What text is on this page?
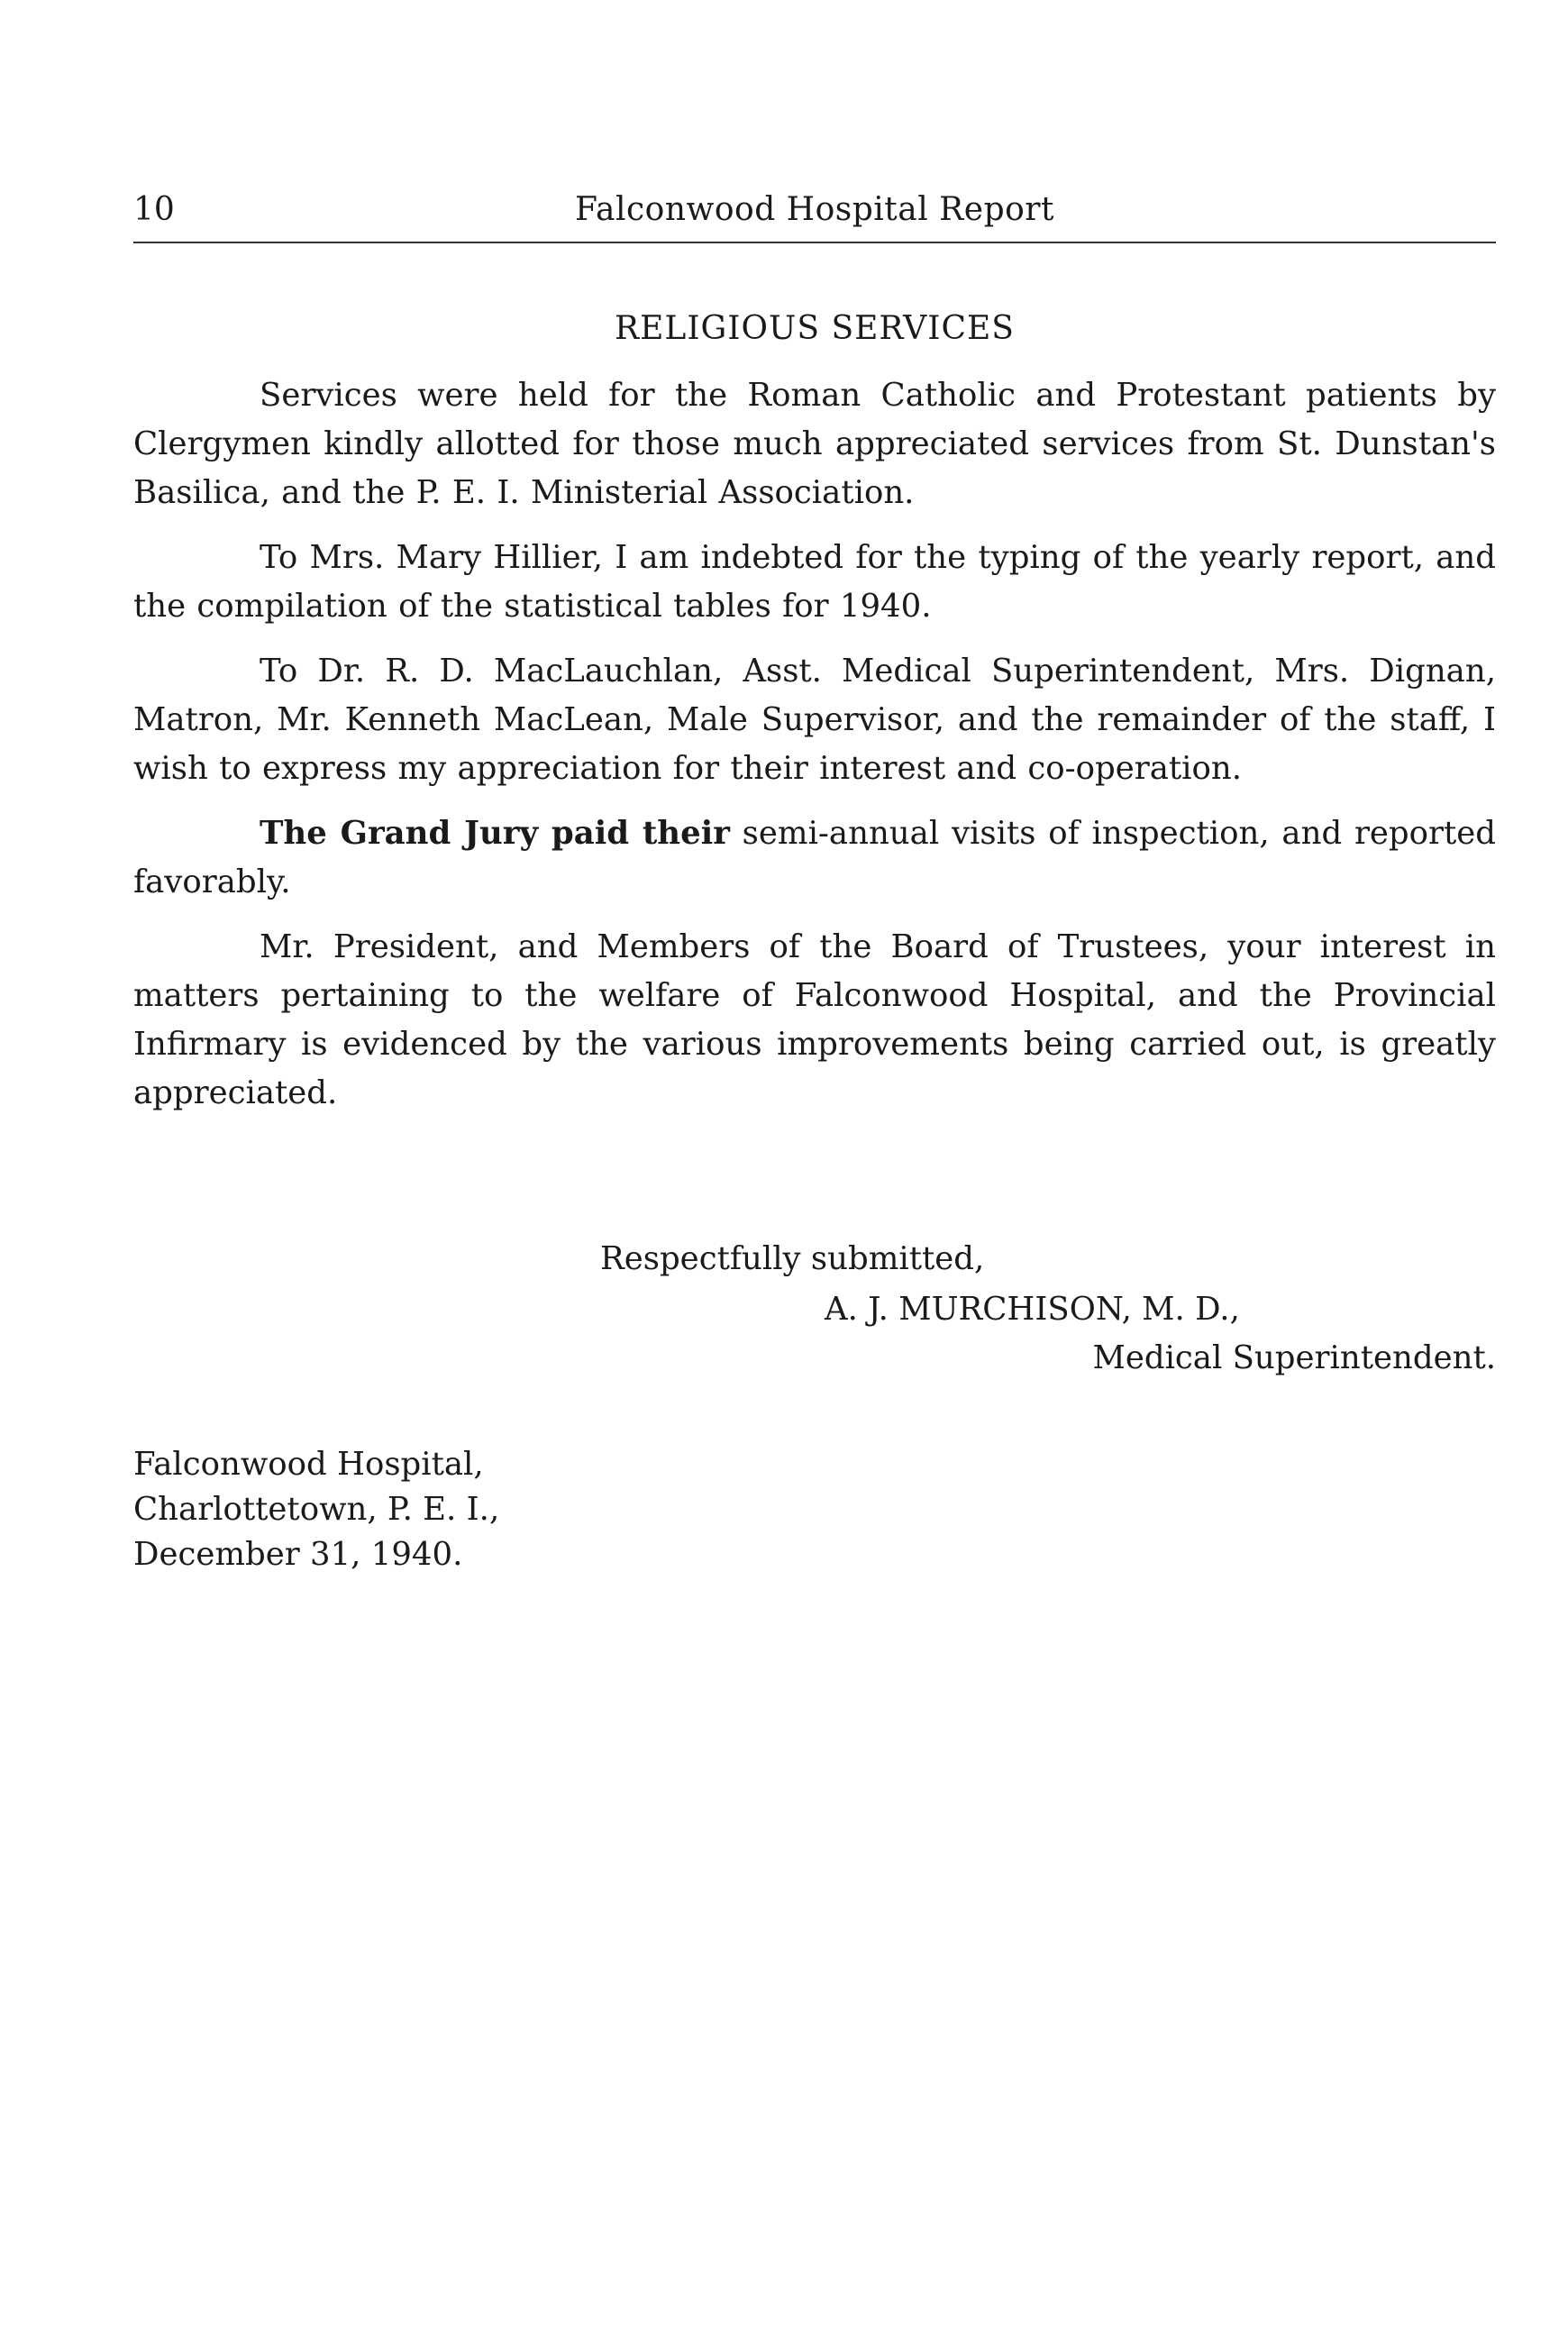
10	Falconwood Hospital Report
RELIGIOUS SERVICES

Services were held for the Roman Catholic and Protestant patients by Clergymen kindly allotted for those much appreciated services from St. Dunstan's Basilica, and the P. E. I. Ministerial Association.

To Mrs. Mary Hillier, I am indebted for the typing of the yearly report, and the compilation of the statistical tables for 1940.

To Dr. R. D. MacLauchlan, Asst. Medical Superintendent, Mrs. Dignan, Matron, Mr. Kenneth MacLean, Male Supervisor, and the remainder of the staff, I wish to express my appreciation for their interest and co-operation.

The Grand Jury paid their semi-annual visits of inspection, and reported favorably.

Mr. President, and Members of the Board of Trustees, your interest in matters pertaining to the welfare of Falconwood Hospital, and the Provincial Infirmary is evidenced by the various improvements being carried out, is greatly appreciated.

Respectfully submitted,
A. J. MURCHISON, M. D.,
Medical Superintendent.
Falconwood Hospital,
Charlottetown, P. E. I.,
December 31, 1940.
